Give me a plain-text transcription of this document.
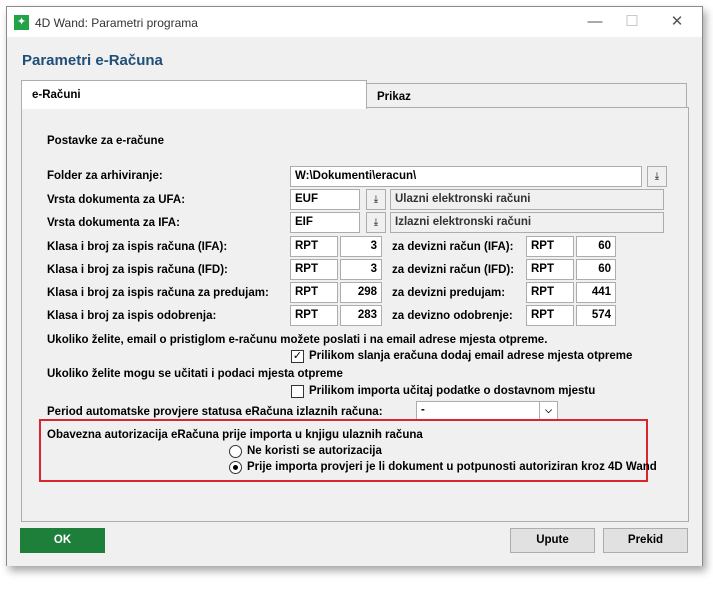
✦ 4D Wand: Parametri programa	—	☐	✕
Parametri e-Računa
e-Računi	Prikaz
Postavke za e-račune
Folder za arhiviranje:	W:\Dokumenti\eracun\	⤓
Vrsta dokumenta za UFA:	EUF	⤓	Ulazni elektronski računi
Vrsta dokumenta za IFA:	EIF	⤓	Izlazni elektronski računi
Klasa i broj za ispis računa (IFA):	RPT	3	za devizni račun (IFA):	RPT	60
Klasa i broj za ispis računa (IFD):	RPT	3	za devizni račun (IFD):	RPT	60
Klasa i broj za ispis računa za predujam:	RPT	298	za devizni predujam:	RPT	441
Klasa i broj za ispis odobrenja:	RPT	283	za devizno odobrenje:	RPT	574
Ukoliko želite, email o pristiglom e-računu možete poslati i na email adrese mjesta otpreme.
✓ Prilikom slanja eračuna dodaj email adrese mjesta otpreme
Ukoliko želite mogu se učitati i podaci mjesta otpreme
Prilikom importa učitaj podatke o dostavnom mjestu
Period automatske provjere statusa eRačuna izlaznih računa:	-	⌵
Obavezna autorizacija eRačuna prije importa u knjigu ulaznih računa
Ne koristi se autorizacija
Prije importa provjeri je li dokument u potpunosti autoriziran kroz 4D Wand
OK	Upute	Prekid
